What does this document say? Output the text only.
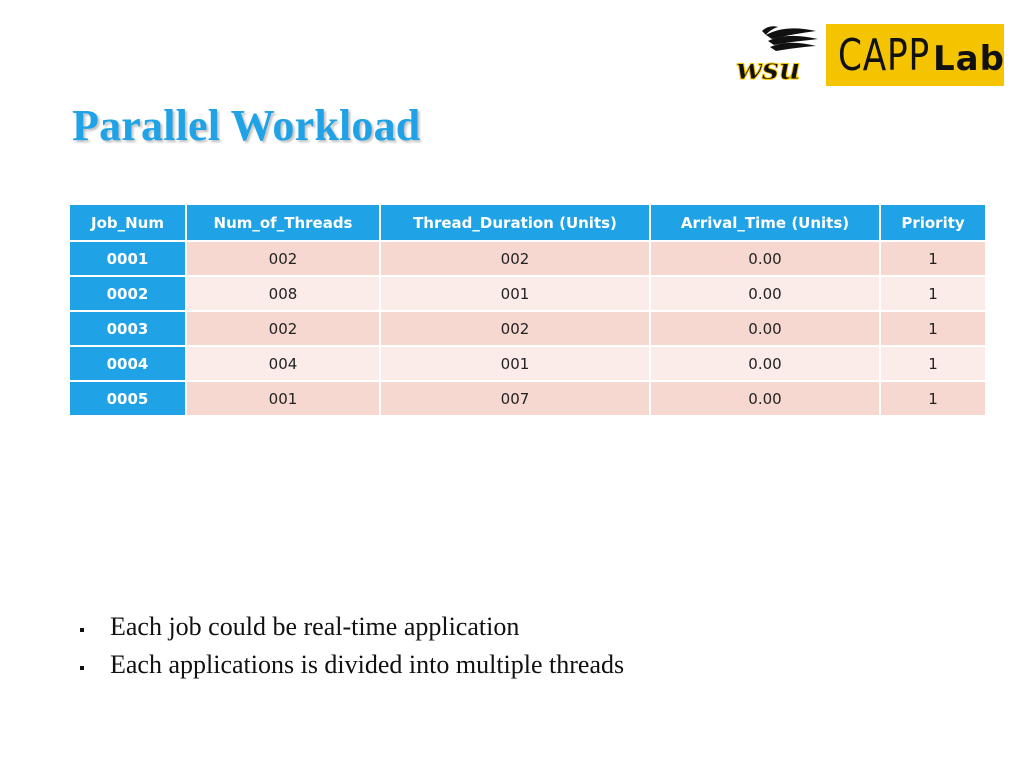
wsu CAPP Lab
Parallel Workload
Job_Num	Num_of_Threads	Thread_Duration (Units)	Arrival_Time (Units)	Priority
0001	002	002	0.00	1
0002	008	001	0.00	1
0003	002	002	0.00	1
0004	004	001	0.00	1
0005	001	007	0.00	1
Each job could be real-time application
Each applications is divided into multiple threads
